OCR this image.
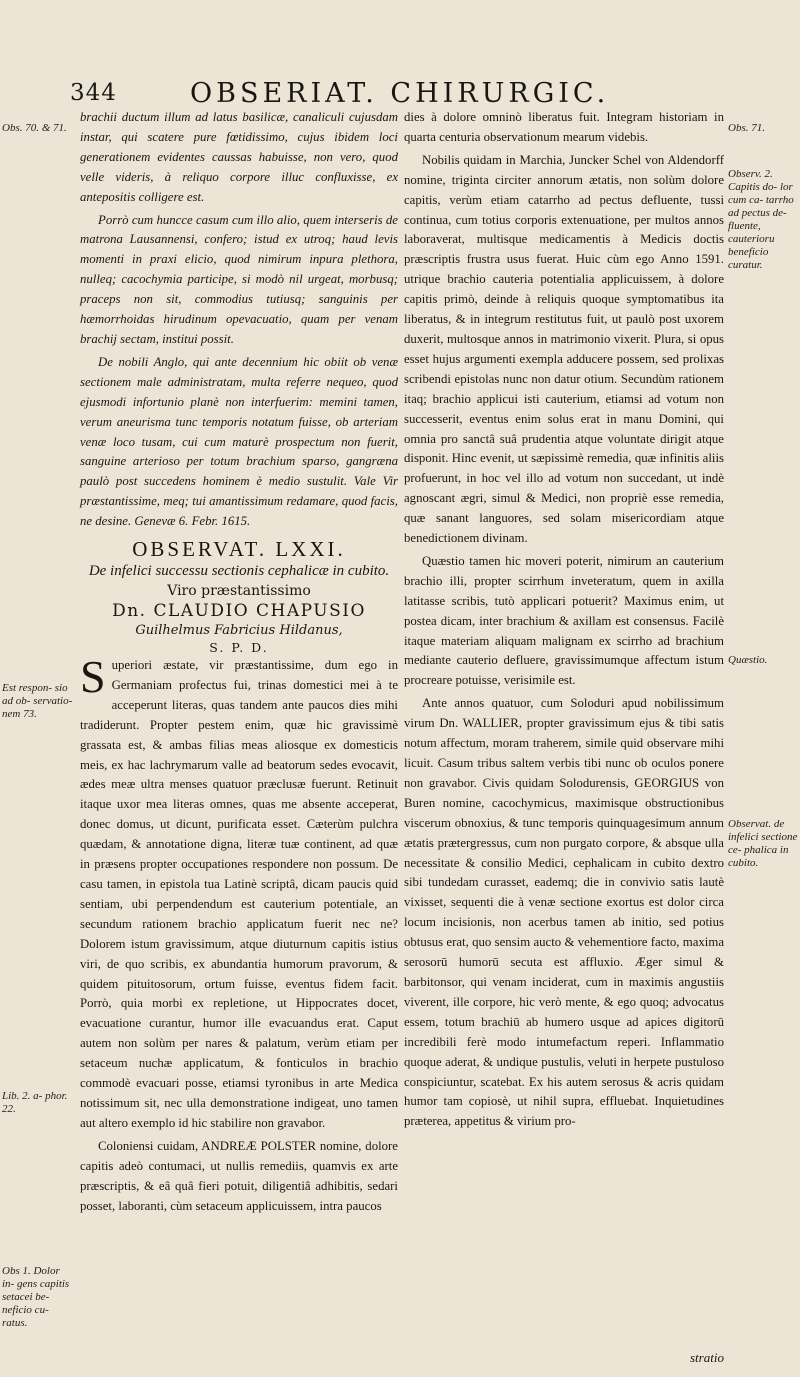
344	OBSERIAT. CHIRURGIC.
Obs. 70. & 71.
Est respon- sio ad ob- servatio- nem 73.
Lib. 2. a- phor. 22.
Obs 1. Dolor in- gens capitis setacei be- neficio cu- ratus.
Obs. 71.
Observ. 2. Capitis do- lor cum ca- tarrho ad pectus de- fluente, cauterioru beneficio curatur.
Quæstio.
Observat. de infelici sectione ce- phalica in cubito.

brachii ductum illum ad latus basilicæ, canaliculi cujusdam instar, qui scatere pure fœtidissimo, cujus ibidem loci generationem evidentes caussas habuisse, non vero, quod velle videris, à reliquo corpore illuc confluxisse, ex antepositis colligere est.

Porrò cum huncce casum cum illo alio, quem interseris de matrona Lausannensi, confero; istud ex utroq; haud levis momenti in praxi elicio, quod nimirum inpura plethora, nulleq; cacochymia participe, si modò nil urgeat, morbusq; praceps non sit, commodius tutiusq; sanguinis per hæmorrhoidas hirudinum opevacuatio, quam per venam brachij sectam, institui possit.

De nobili Anglo, qui ante decennium hic obiit ob venæ sectionem male administratam, multa referre nequeo, quod ejusmodi infortunio planè non interfuerim: memini tamen, verum aneurisma tunc temporis notatum fuisse, ob arteriam venæ loco tusam, cui cum maturè prospectum non fuerit, sanguine arterioso per totum brachium sparso, gangræna paulò post succedens hominem è medio sustulit. Vale Vir præstantissime, meq; tui amantissimum redamare, quod facis, ne desine. Genevæ 6. Febr. 1615.

OBSERVAT. LXXI.
De infelici successu sectionis cephalicæ in cubito.
Viro præstantissimo
Dn. CLAUDIO CHAPUSIO
Guilhelmus Fabricius Hildanus,
S. P. D.

Superiori æstate, vir præstantissime, dum ego in Germaniam profectus fui, trinas domestici mei à te acceperunt literas, quas tandem ante paucos dies mihi tradiderunt. Propter pestem enim, quæ hic gravissimè grassata est, & ambas filias meas aliosque ex domesticis meis, ex hac lachrymarum valle ad beatorum sedes evocavit, ædes meæ ultra menses quatuor præclusæ fuerunt. Retinuit itaque uxor mea literas omnes, quas me absente acceperat, donec domus, ut dicunt, purificata esset. Cæterùm pulchra quædam, & annotatione digna, literæ tuæ continent, ad quæ in præsens propter occupationes respondere non possum. De casu tamen, in epistola tua Latinè scriptâ, dicam paucis quid sentiam, ubi perpendendum est cauterium potentiale, an secundum rationem brachio applicatum fuerit nec ne? Dolorem istum gravissimum, atque diuturnum capitis istius viri, de quo scribis, ex abundantia humorum pravorum, & quidem pituitosorum, ortum fuisse, eventus fidem facit. Porrò, quia morbi ex repletione, ut Hippocrates docet, evacuatione curantur, humor ille evacuandus erat. Caput autem non solùm per nares & palatum, verùm etiam per setaceum nuchæ applicatum, & fonticulos in brachio commodè evacuari posse, etiamsi tyronibus in arte Medica notissimum sit, nec ulla demonstratione indigeat, uno tamen aut altero exemplo id hic stabilire non gravabor.

Coloniensi cuidam, ANDREÆ POLSTER nomine, dolore capitis adeò contumaci, ut nullis remediis, quamvis ex arte præscriptis, & eâ quâ fieri potuit, diligentiâ adhibitis, sedari posset, laboranti, cùm setaceum applicuissem, intra paucos

dies à dolore omninò liberatus fuit. Integram historiam in quarta centuria observationum mearum videbis.

Nobilis quidam in Marchia, Juncker Schel von Aldendorff nomine, triginta circiter annorum ætatis, non solùm dolore capitis, verùm etiam catarrho ad pectus defluente, tussi continua, cum totius corporis extenuatione, per multos annos laboraverat, multisque medicamentis à Medicis doctis præscriptis frustra usus fuerat. Huic cùm ego Anno 1591. utrique brachio cauteria potentialia applicuissem, à dolore capitis primò, deinde à reliquis quoque symptomatibus ita liberatus, & in integrum restitutus fuit, ut paulò post uxorem duxerit, multosque annos in matrimonio vixerit. Plura, si opus esset hujus argumenti exempla adducere possem, sed prolixas scribendi epistolas nunc non datur otium. Secundùm rationem itaq; brachio applicui isti cauterium, etiamsi ad votum non successerit, eventus enim solus erat in manu Domini, qui omnia pro sanctâ suâ prudentia atque voluntate dirigit atque disponit. Hinc evenit, ut sæpissimè remedia, quæ infinitis aliis profuerunt, in hoc vel illo ad votum non succedant, ut indè agnoscant ægri, simul & Medici, non propriè esse remedia, quæ sanant languores, sed solam misericordiam atque benedictionem divinam.

Quæstio tamen hic moveri poterit, nimirum an cauterium brachio illi, propter scirrhum inveteratum, quem in axilla latitasse scribis, tutò applicari potuerit? Maximus enim, ut postea dicam, inter brachium & axillam est consensus. Facilè itaque materiam aliquam malignam ex scirrho ad brachium mediante cauterio defluere, gravissimumque affectum istum procreare potuisse, verisimile est.

Ante annos quatuor, cum Soloduri apud nobilissimum virum Dn. WALLIER, propter gravissimum ejus & tibi satis notum affectum, moram traherem, simile quid observare mihi licuit. Casum tribus saltem verbis tibi nunc ob oculos ponere non gravabor. Civis quidam Solodurensis, GEORGIUS von Buren nomine, cacochymicus, maximisque obstructionibus viscerum obnoxius, & tunc temporis quinquagesimum annum ætatis prætergressus, cum non purgato corpore, & absque ulla necessitate & consilio Medici, cephalicam in cubito dextro sibi tundedam curasset, eademq; die in convivio satis lautè vixisset, sequenti die à venæ sectione exortus est dolor circa locum incisionis, non acerbus tamen ab initio, sed potius obtusus erat, quo sensim aucto & vehementiore facto, maxima serosorū humorū secuta est affluxio. Æger simul & barbitonsor, qui venam inciderat, cum in maximis angustiis viverent, ille corpore, hic verò mente, & ego quoq; advocatus essem, totum brachiū ab humero usque ad apices digitorū incredibili ferè modo intumefactum reperi. Inflammatio quoque aderat, & undique pustulis, veluti in herpete pustuloso conspiciuntur, scatebat. Ex his autem serosus & acris quidam humor tam copiosè, ut nihil supra, effluebat. Inquietudines præterea, appetitus & virium pro-

stratio
